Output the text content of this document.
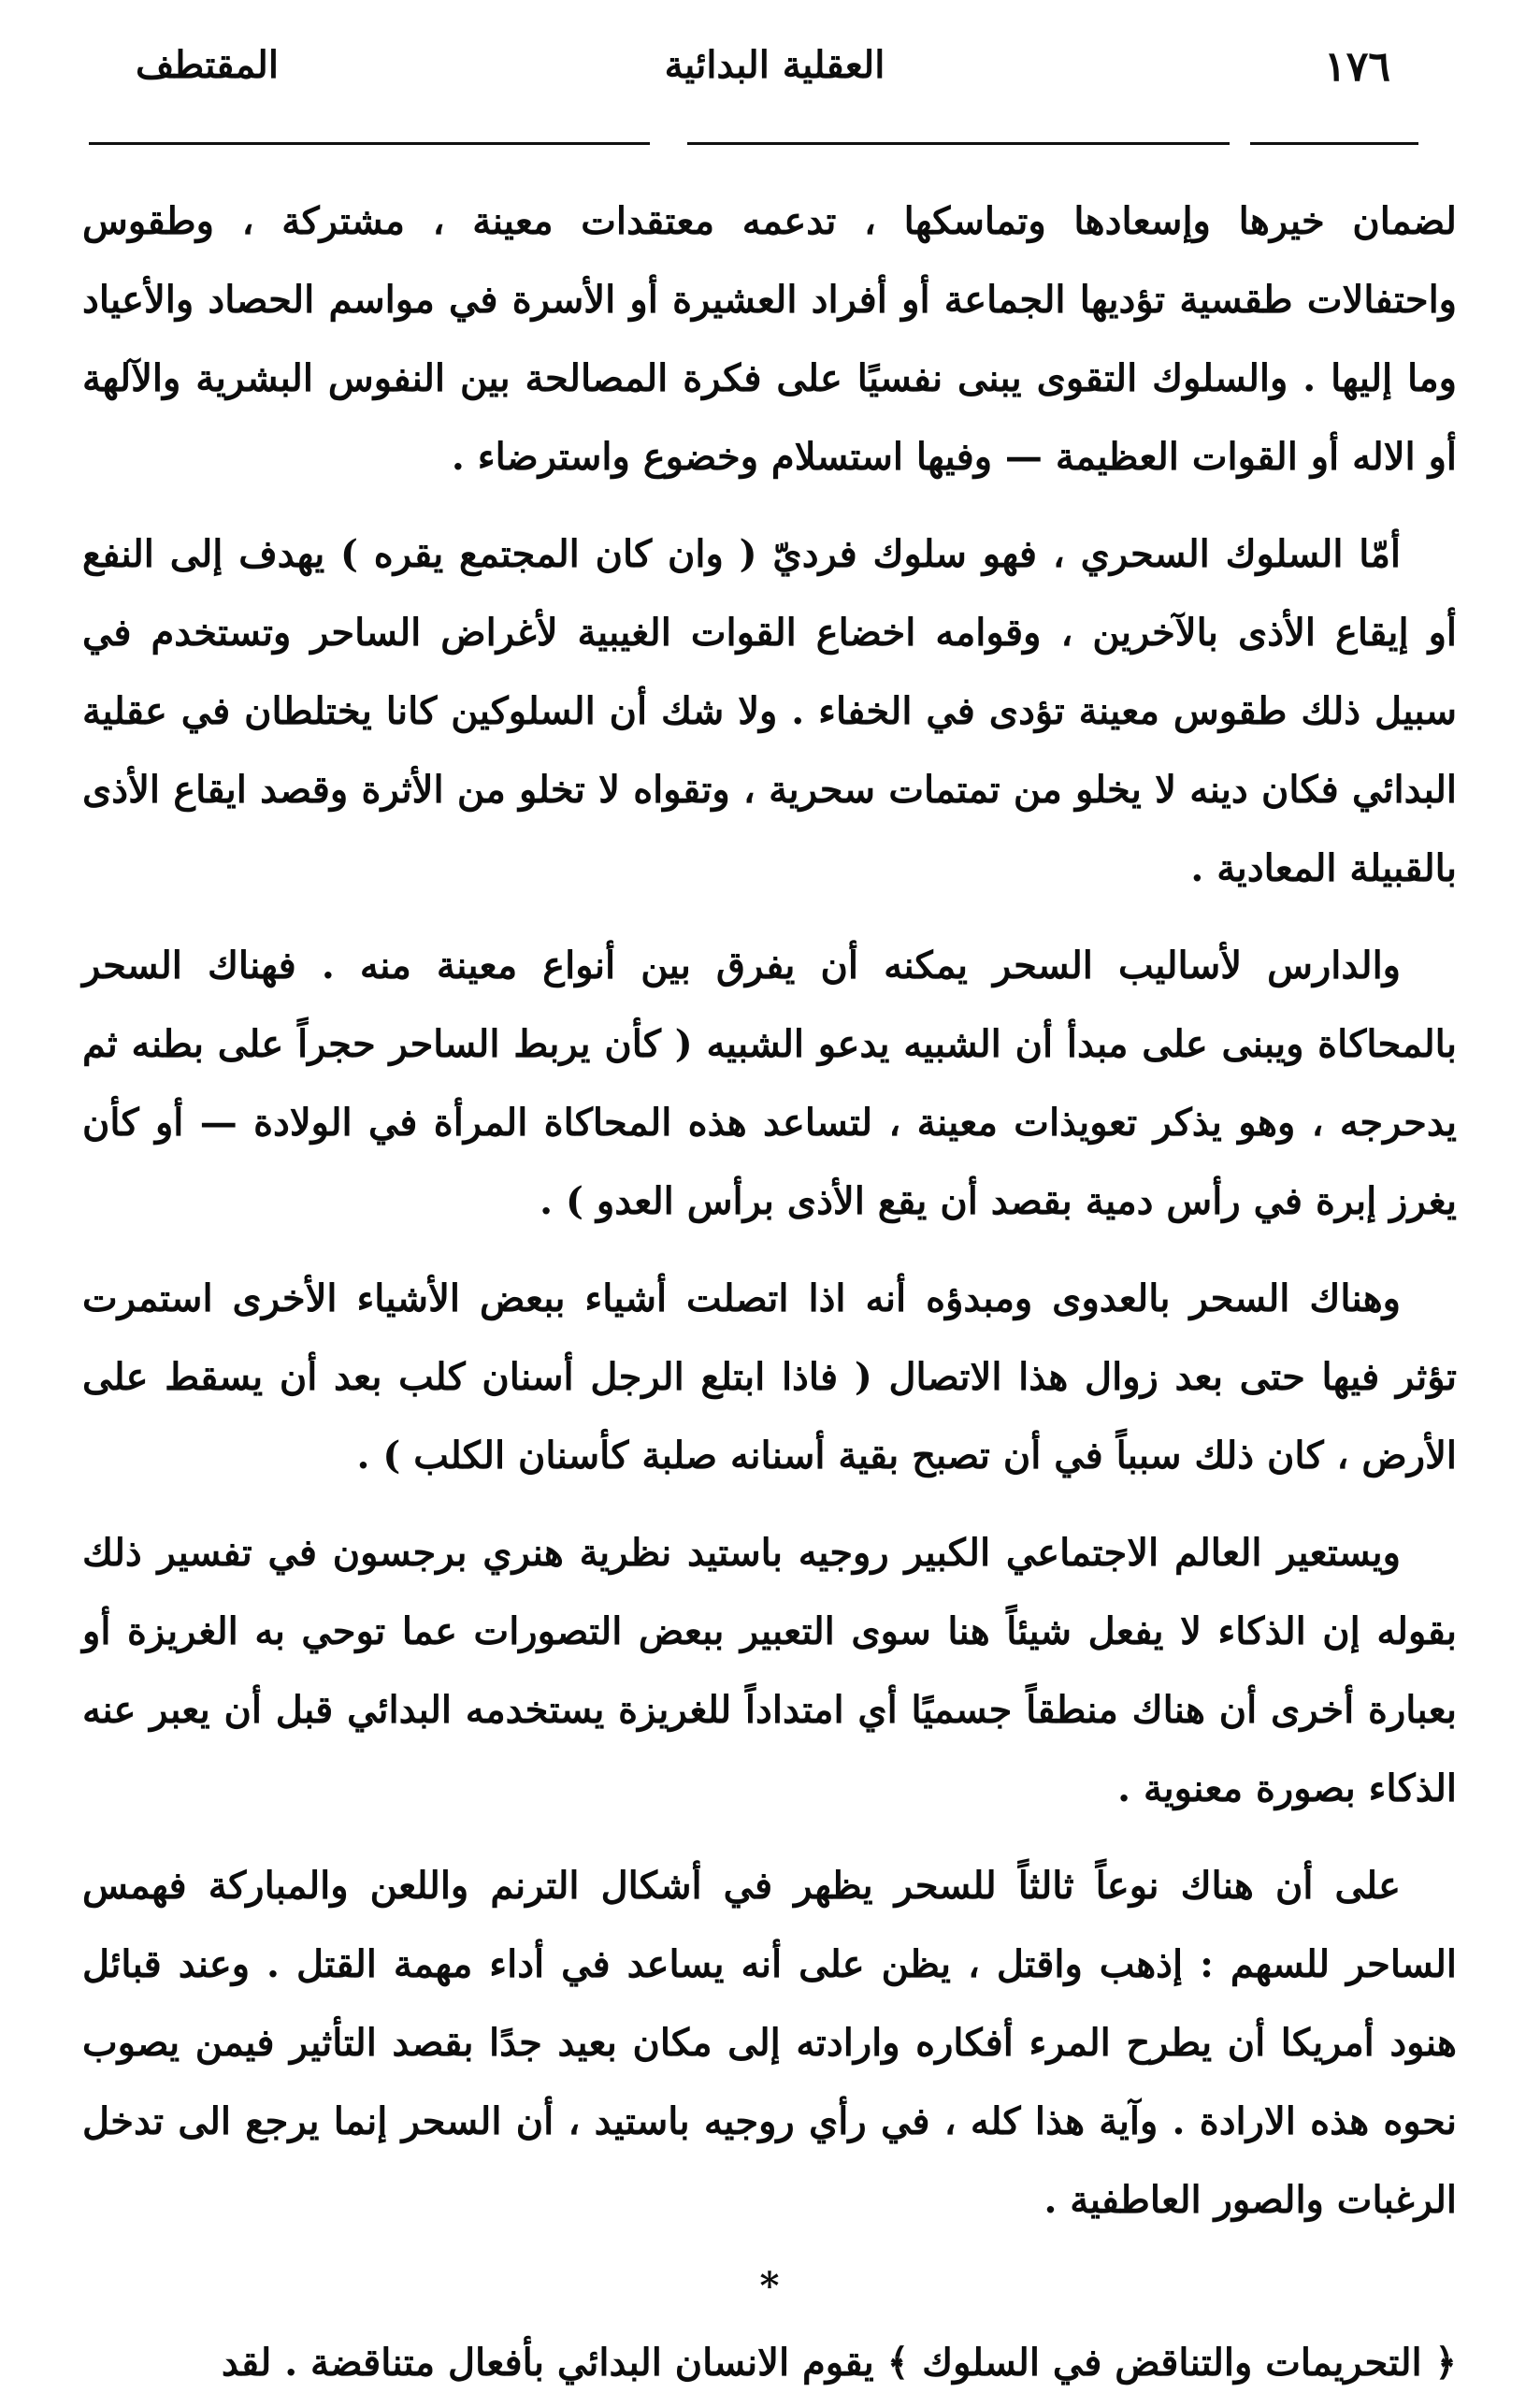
١٧٦
العقلية البدائية
المقتطف

لضمان خيرها وإسعادها وتماسكها ، تدعمه معتقدات معينة ، مشتركة ، وطقوس واحتفالات طقسية تؤديها الجماعة أو أفراد العشيرة أو الأسرة في مواسم الحصاد والأعياد وما إليها . والسلوك التقوى يبنى نفسيًا على فكرة المصالحة بين النفوس البشرية والآلهة أو الاله أو القوات العظيمة — وفيها استسلام وخضوع واسترضاء .

أمّا السلوك السحري ، فهو سلوك فرديّ ( وان كان المجتمع يقره ) يهدف إلى النفع أو إيقاع الأذى بالآخرين ، وقوامه اخضاع القوات الغيبية لأغراض الساحر وتستخدم في سبيل ذلك طقوس معينة تؤدى في الخفاء . ولا شك أن السلوكين كانا يختلطان في عقلية البدائي فكان دينه لا يخلو من تمتمات سحرية ، وتقواه لا تخلو من الأثرة وقصد ايقاع الأذى بالقبيلة المعادية .

والدارس لأساليب السحر يمكنه أن يفرق بين أنواع معينة منه . فهناك السحر بالمحاكاة ويبنى على مبدأ أن الشبيه يدعو الشبيه ( كأن يربط الساحر حجراً على بطنه ثم يدحرجه ، وهو يذكر تعويذات معينة ، لتساعد هذه المحاكاة المرأة في الولادة — أو كأن يغرز إبرة في رأس دمية بقصد أن يقع الأذى برأس العدو ) .

وهناك السحر بالعدوى ومبدؤه أنه اذا اتصلت أشياء ببعض الأشياء الأخرى استمرت تؤثر فيها حتى بعد زوال هذا الاتصال ( فاذا ابتلع الرجل أسنان كلب بعد أن يسقط على الأرض ، كان ذلك سبباً في أن تصبح بقية أسنانه صلبة كأسنان الكلب ) .

ويستعير العالم الاجتماعي الكبير روجيه باستيد نظرية هنري برجسون في تفسير ذلك بقوله إن الذكاء لا يفعل شيئاً هنا سوى التعبير ببعض التصورات عما توحي به الغريزة أو بعبارة أخرى أن هناك منطقاً جسميًا أي امتداداً للغريزة يستخدمه البدائي قبل أن يعبر عنه الذكاء بصورة معنوية .

على أن هناك نوعاً ثالثاً للسحر يظهر في أشكال الترنم واللعن والمباركة فهمس الساحر للسهم : إذهب واقتل ، يظن على أنه يساعد في أداء مهمة القتل . وعند قبائل هنود أمريكا أن يطرح المرء أفكاره وارادته إلى مكان بعيد جدًا بقصد التأثير فيمن يصوب نحوه هذه الارادة . وآية هذا كله ، في رأي روجيه باستيد ، أن السحر إنما يرجع الى تدخل الرغبات والصور العاطفية .

*

﴿ التحريمات والتناقض في السلوك ﴾ يقوم الانسان البدائي بأفعال متناقضة . لقد
